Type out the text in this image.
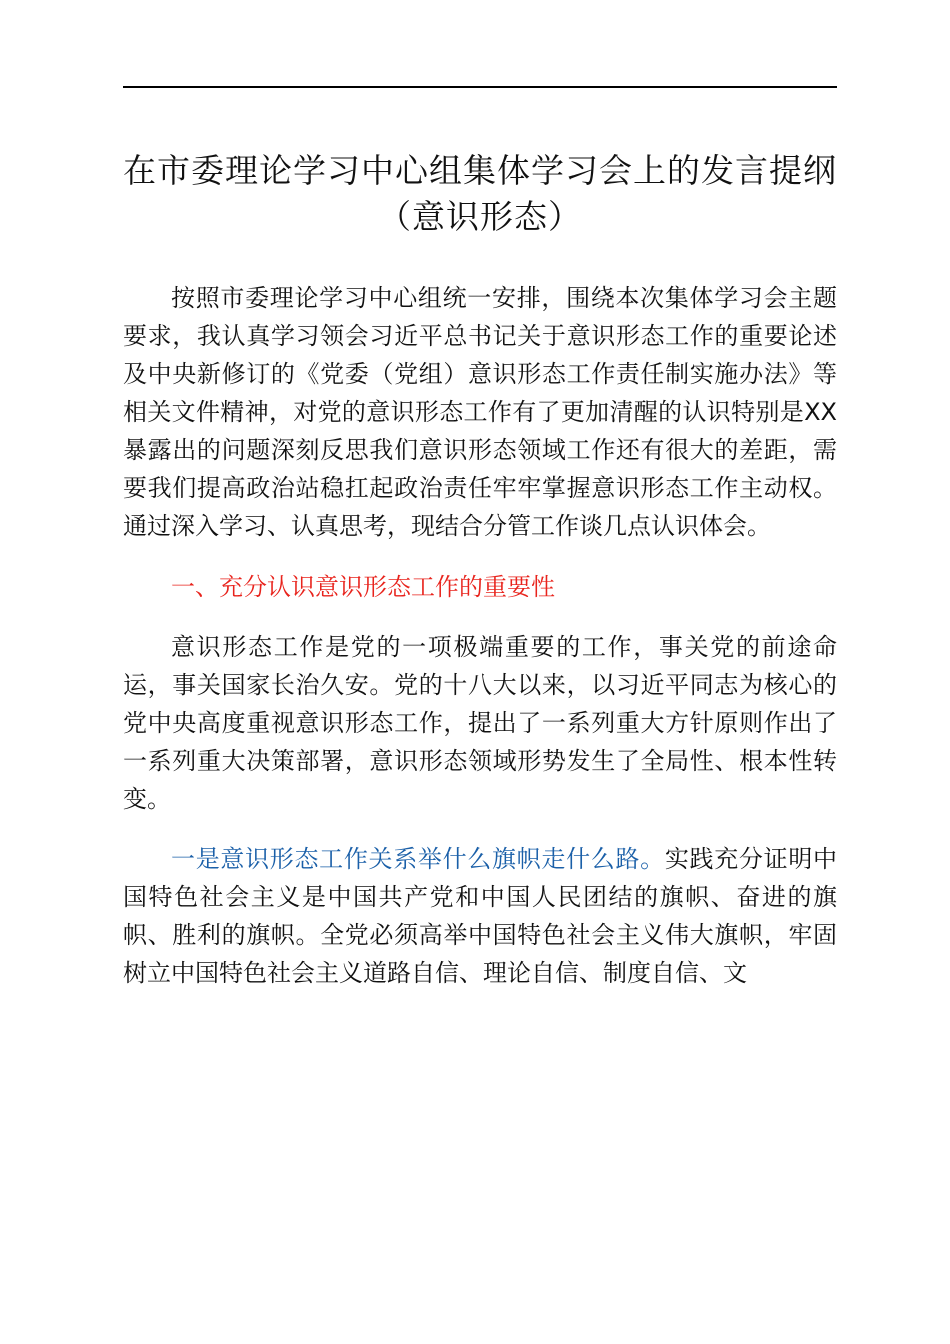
在市委理论学习中心组集体学习会上的发言提纲（意识形态）

按照市委理论学习中心组统一安排，围绕本次集体学习会主题要求，我认真学习领会习近平总书记关于意识形态工作的重要论述及中央新修订的《党委（党组）意识形态工作责任制实施办法》等相关文件精神，对党的意识形态工作有了更加清醒的认识特别是XX暴露出的问题深刻反思我们意识形态领域工作还有很大的差距，需要我们提高政治站稳扛起政治责任牢牢掌握意识形态工作主动权。通过深入学习、认真思考，现结合分管工作谈几点认识体会。

一、充分认识意识形态工作的重要性

意识形态工作是党的一项极端重要的工作，事关党的前途命运，事关国家长治久安。党的十八大以来，以习近平同志为核心的党中央高度重视意识形态工作，提出了一系列重大方针原则作出了一系列重大决策部署，意识形态领域形势发生了全局性、根本性转变。

一是意识形态工作关系举什么旗帜走什么路。实践充分证明中国特色社会主义是中国共产党和中国人民团结的旗帜、奋进的旗帜、胜利的旗帜。全党必须高举中国特色社会主义伟大旗帜，牢固树立中国特色社会主义道路自信、理论自信、制度自信、文
